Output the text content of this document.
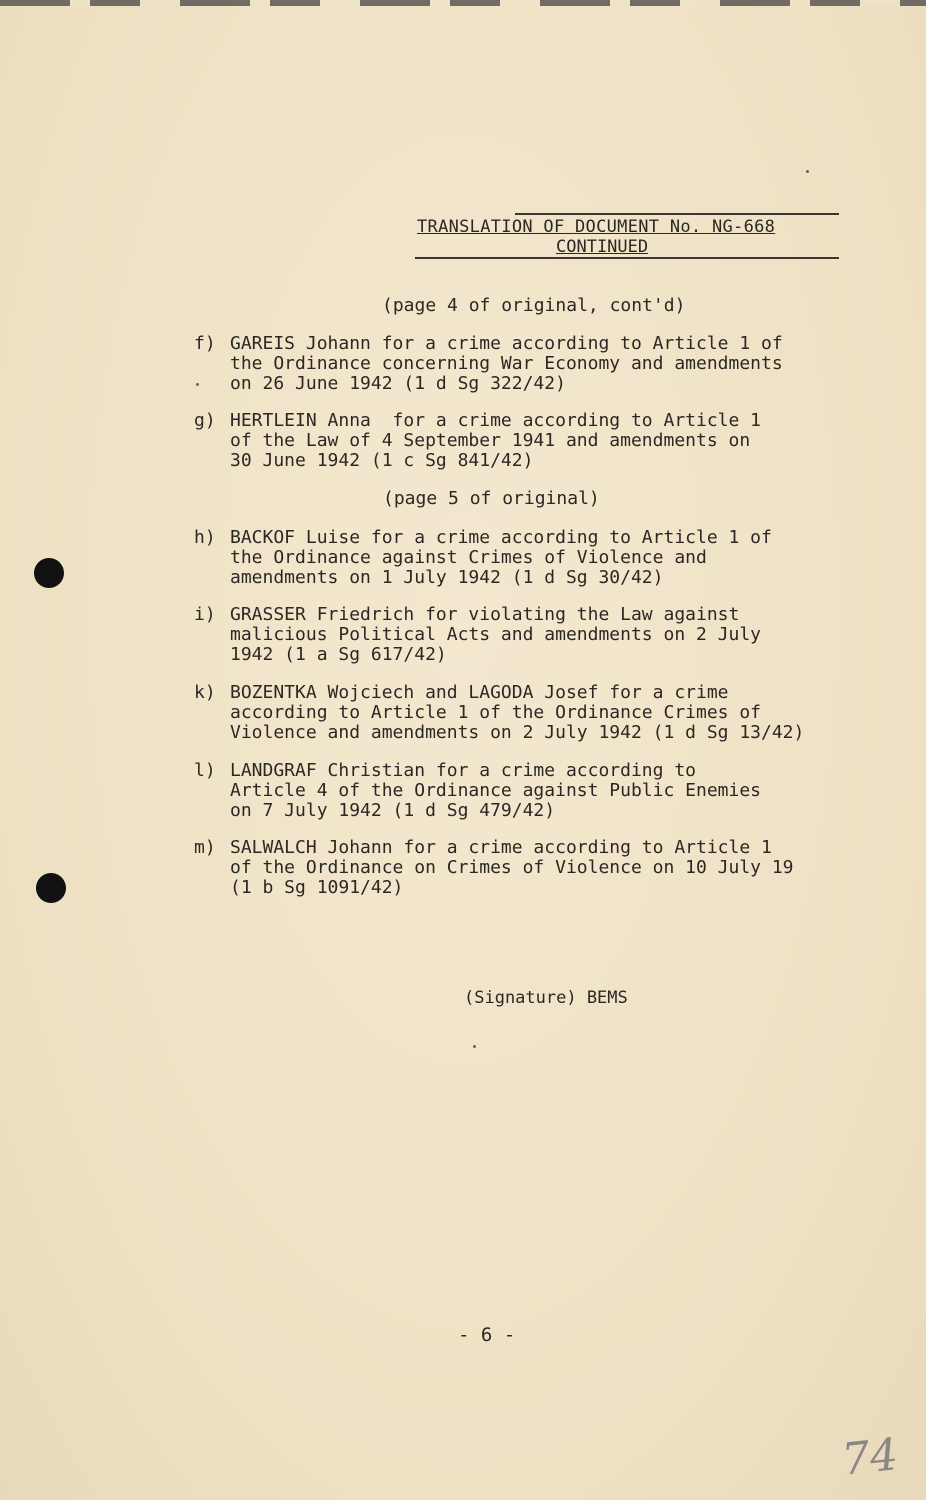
TRANSLATION OF DOCUMENT No. NG-668
CONTINUED
(page 4 of original, cont'd)
f) GAREIS Johann for a crime according to Article 1 of
the Ordinance concerning War Economy and amendments
on 26 June 1942 (1 d Sg 322/42)
g) HERTLEIN Anna  for a crime according to Article 1
of the Law of 4 September 1941 and amendments on
30 June 1942 (1 c Sg 841/42)
(page 5 of original)
h) BACKOF Luise for a crime according to Article 1 of
the Ordinance against Crimes of Violence and
amendments on 1 July 1942 (1 d Sg 30/42)
i) GRASSER Friedrich for violating the Law against
malicious Political Acts and amendments on 2 July
1942 (1 a Sg 617/42)
k) BOZENTKA Wojciech and LAGODA Josef for a crime
according to Article 1 of the Ordinance Crimes of
Violence and amendments on 2 July 1942 (1 d Sg 13/42)
l) LANDGRAF Christian for a crime according to
Article 4 of the Ordinance against Public Enemies
on 7 July 1942 (1 d Sg 479/42)
m) SALWALCH Johann for a crime according to Article 1
of the Ordinance on Crimes of Violence on 10 July 19
(1 b Sg 1091/42)
(Signature) BEMS
- 6 -
74
